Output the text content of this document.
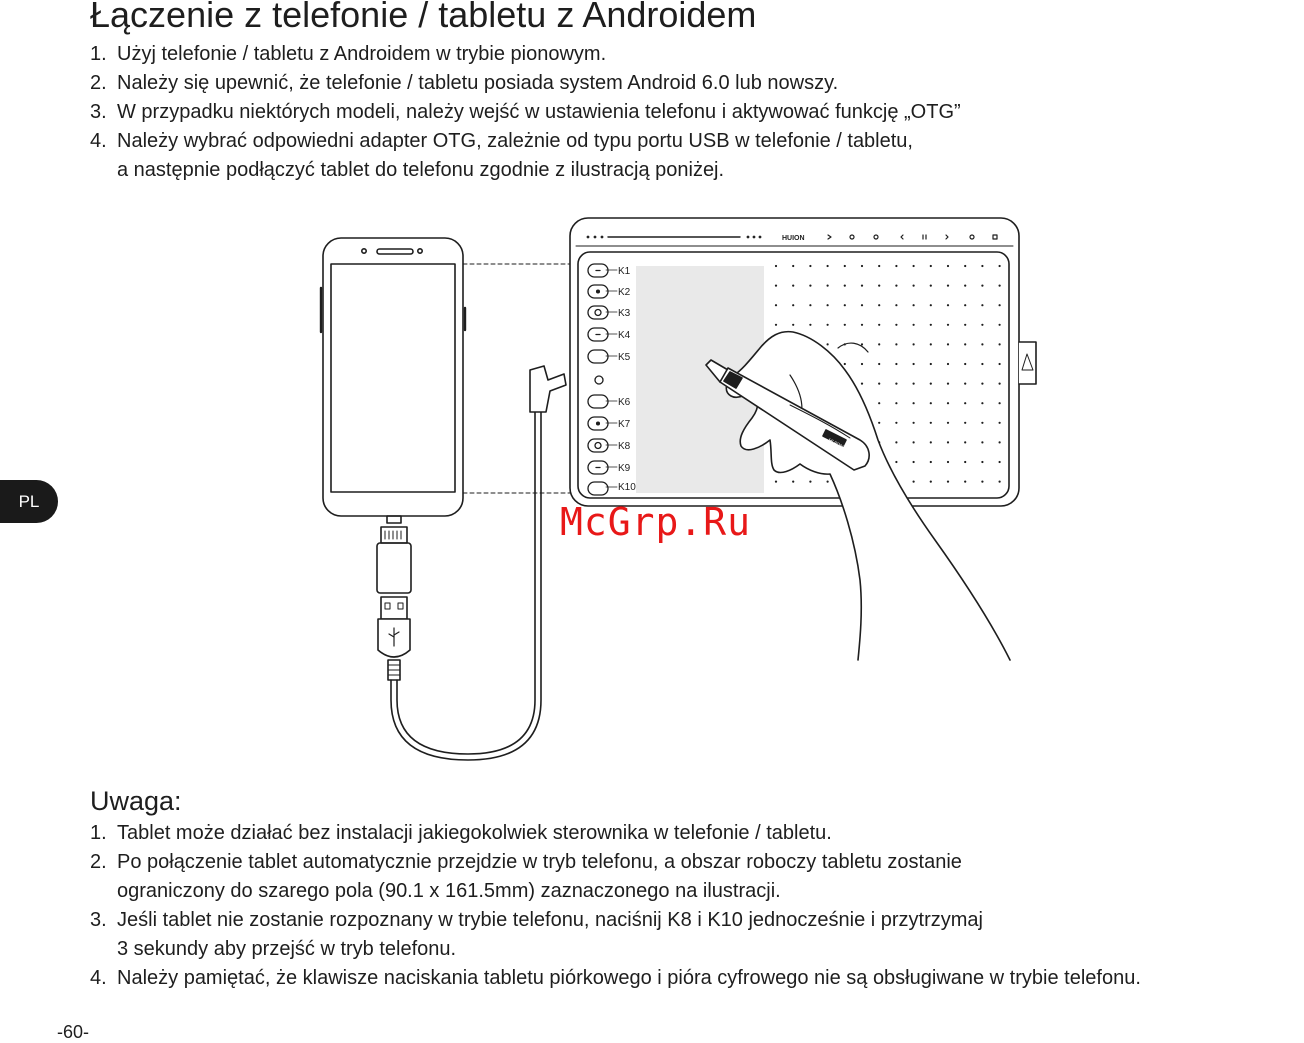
Łączenie z telefonie / tabletu z Androidem
1. Użyj telefonie / tabletu z Androidem w trybie pionowym.
2. Należy się upewnić, że telefonie / tabletu posiada system Android 6.0 lub nowszy.
3. W przypadku niektórych modeli, należy wejść w ustawienia telefonu i aktywować funkcję „OTG”
4. Należy wybrać odpowiedni adapter OTG, zależnie od typu portu USB w telefonie / tabletu,
a następnie podłączyć tablet do telefonu zgodnie z ilustracją poniżej.
HUION
K1
K2
K3
K4
K5
K6
K7
K8
K9
K10
HUION
McGrp.Ru
PL
Uwaga:
1. Tablet może działać bez instalacji jakiegokolwiek sterownika w telefonie / tabletu.
2. Po połączenie tablet automatycznie przejdzie w tryb telefonu, a obszar roboczy tabletu zostanie
ograniczony do szarego pola (90.1 x 161.5mm) zaznaczonego na ilustracji.
3. Jeśli tablet nie zostanie rozpoznany w trybie telefonu, naciśnij K8 i K10 jednocześnie i przytrzymaj
3 sekundy aby przejść w tryb telefonu.
4. Należy pamiętać, że klawisze naciskania tabletu piórkowego i pióra cyfrowego nie są obsługiwane w trybie telefonu.
-60-
